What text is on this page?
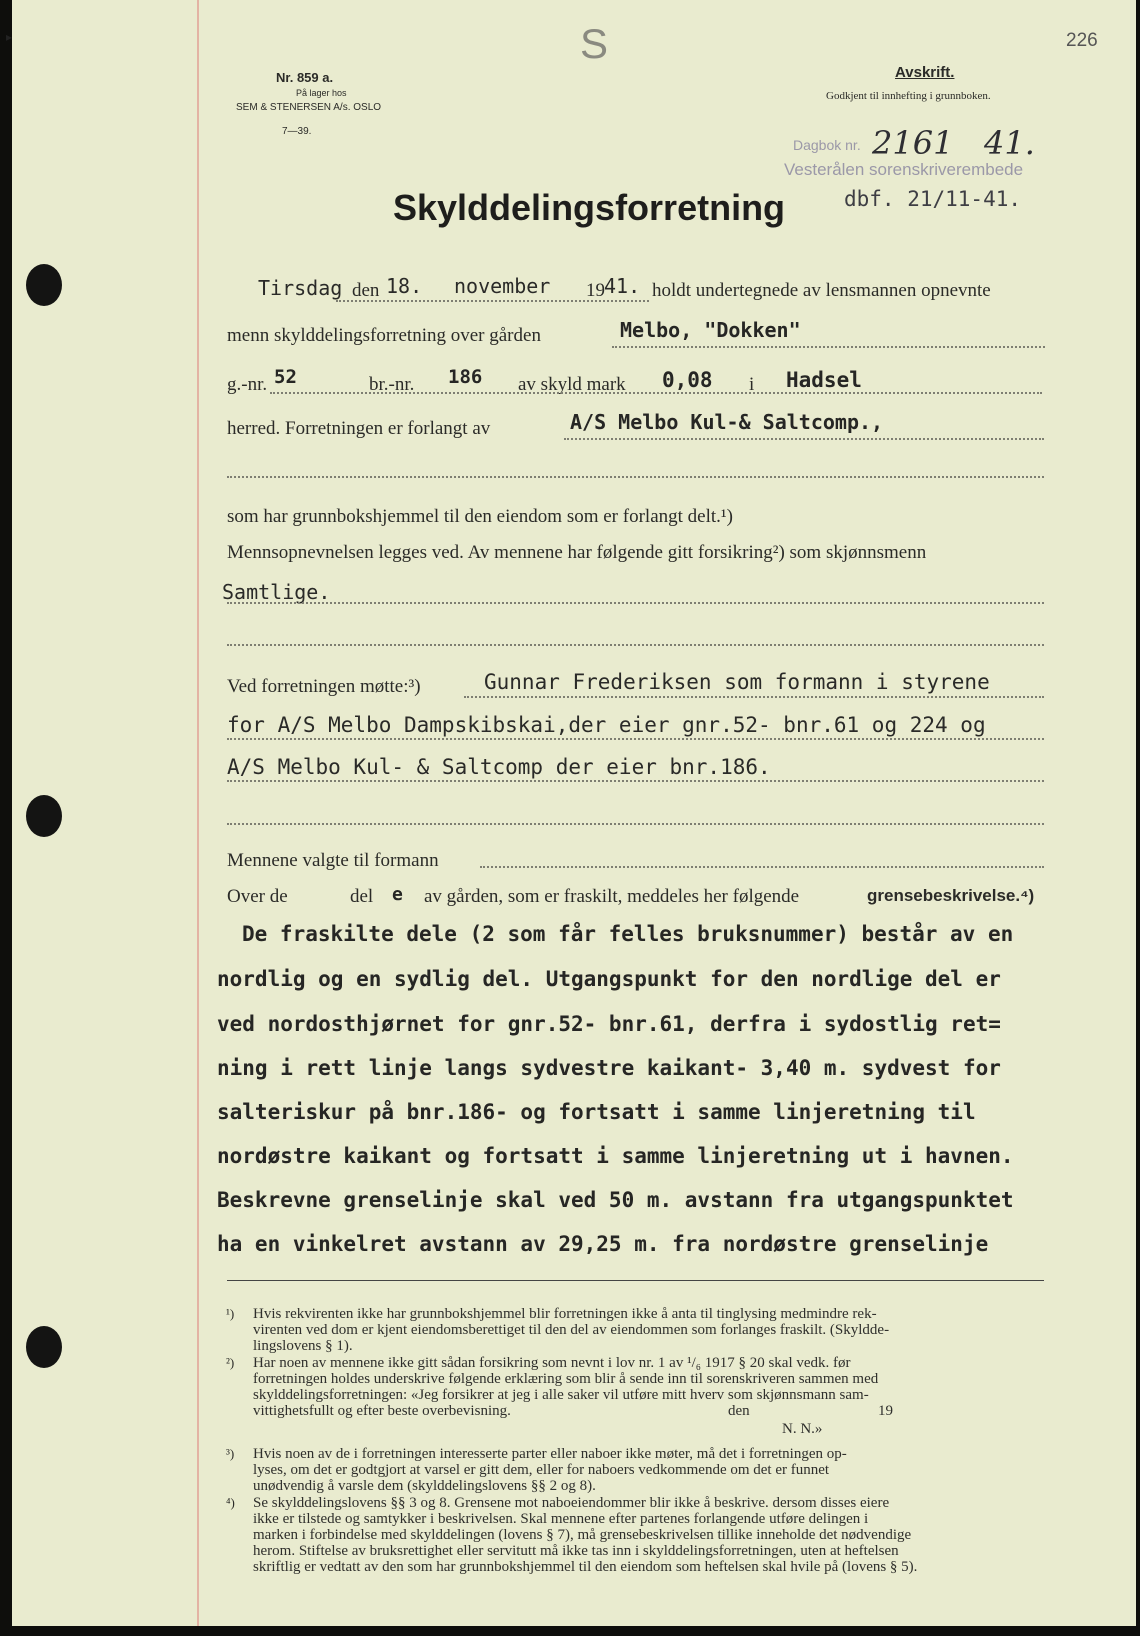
▸	S	226
Nr. 859 a.
På lager hos
SEM & STENERSEN A/s. OSLO
7—39.
Avskrift.
Godkjent til innhefting i grunnboken.
Dagbok nr. 2161 41.
Vesterålen sorenskriverembede
dbf. 21/11-41.
Skylddelingsforretning
Tirsdag den 18. november 19 41. holdt undertegnede av lensmannen opnevnte
menn skylddelingsforretning over gården	Melbo, "Dokken"
g.-nr. 52	br.-nr. 186 av skyld mark 0,08 i Hadsel
herred. Forretningen er forlangt av	A/S Melbo Kul-& Saltcomp.,
som har grunnbokshjemmel til den eiendom som er forlangt delt.¹)
Mennsopnevnelsen legges ved. Av mennene har følgende gitt forsikring²) som skjønnsmenn
Samtlige.
Ved forretningen møtte:³)	Gunnar Frederiksen som formann i styrene
for A/S Melbo Dampskibskai,der eier gnr.52- bnr.61 og 224 og
A/S Melbo Kul- & Saltcomp der eier bnr.186.
Mennene valgte til formann
Over de	del e av gården, som er fraskilt, meddeles her følgende	grensebeskrivelse.⁴)
De fraskilte dele (2 som får felles bruksnummer) består av en
nordlig og en sydlig del. Utgangspunkt for den nordlige del er
ved nordosthjørnet for gnr.52- bnr.61, derfra i sydostlig ret=
ning i rett linje langs sydvestre kaikant- 3,40 m. sydvest for
salteriskur på bnr.186- og fortsatt i samme linjeretning til
nordøstre kaikant og fortsatt i samme linjeretning ut i havnen.
Beskrevne grenselinje skal ved 50 m. avstann fra utgangspunktet
ha en vinkelret avstann av 29,25 m. fra nordøstre grenselinje
¹) Hvis rekvirenten ikke har grunnbokshjemmel blir forretningen ikke å anta til tinglysing medmindre rek-
virenten ved dom er kjent eiendomsberettiget til den del av eiendommen som forlanges fraskilt. (Skyldde-
lingslovens § 1).
²) Har noen av mennene ikke gitt sådan forsikring som nevnt i lov nr. 1 av ¹/₆ 1917 § 20 skal vedk. før
forretningen holdes underskrive følgende erklæring som blir å sende inn til sorenskriveren sammen med
skylddelingsforretningen: «Jeg forsikrer at jeg i alle saker vil utføre mitt hverv som skjønnsmann sam-
vittighetsfullt og efter beste overbevisning.	den	19
N. N.»
³) Hvis noen av de i forretningen interesserte parter eller naboer ikke møter, må det i forretningen op-
lyses, om det er godtgjort at varsel er gitt dem, eller for naboers vedkommende om det er funnet
unødvendig å varsle dem (skylddelingslovens §§ 2 og 8).
⁴) Se skylddelingslovens §§ 3 og 8. Grensene mot naboeiendommer blir ikke å beskrive. dersom disses eiere
ikke er tilstede og samtykker i beskrivelsen. Skal mennene efter partenes forlangende utføre delingen i
marken i forbindelse med skylddelingen (lovens § 7), må grensebeskrivelsen tillike inneholde det nødvendige
herom. Stiftelse av bruksrettighet eller servitutt må ikke tas inn i skylddelingsforretningen, uten at heftelsen
skriftlig er vedtatt av den som har grunnbokshjemmel til den eiendom som heftelsen skal hvile på (lovens § 5).
